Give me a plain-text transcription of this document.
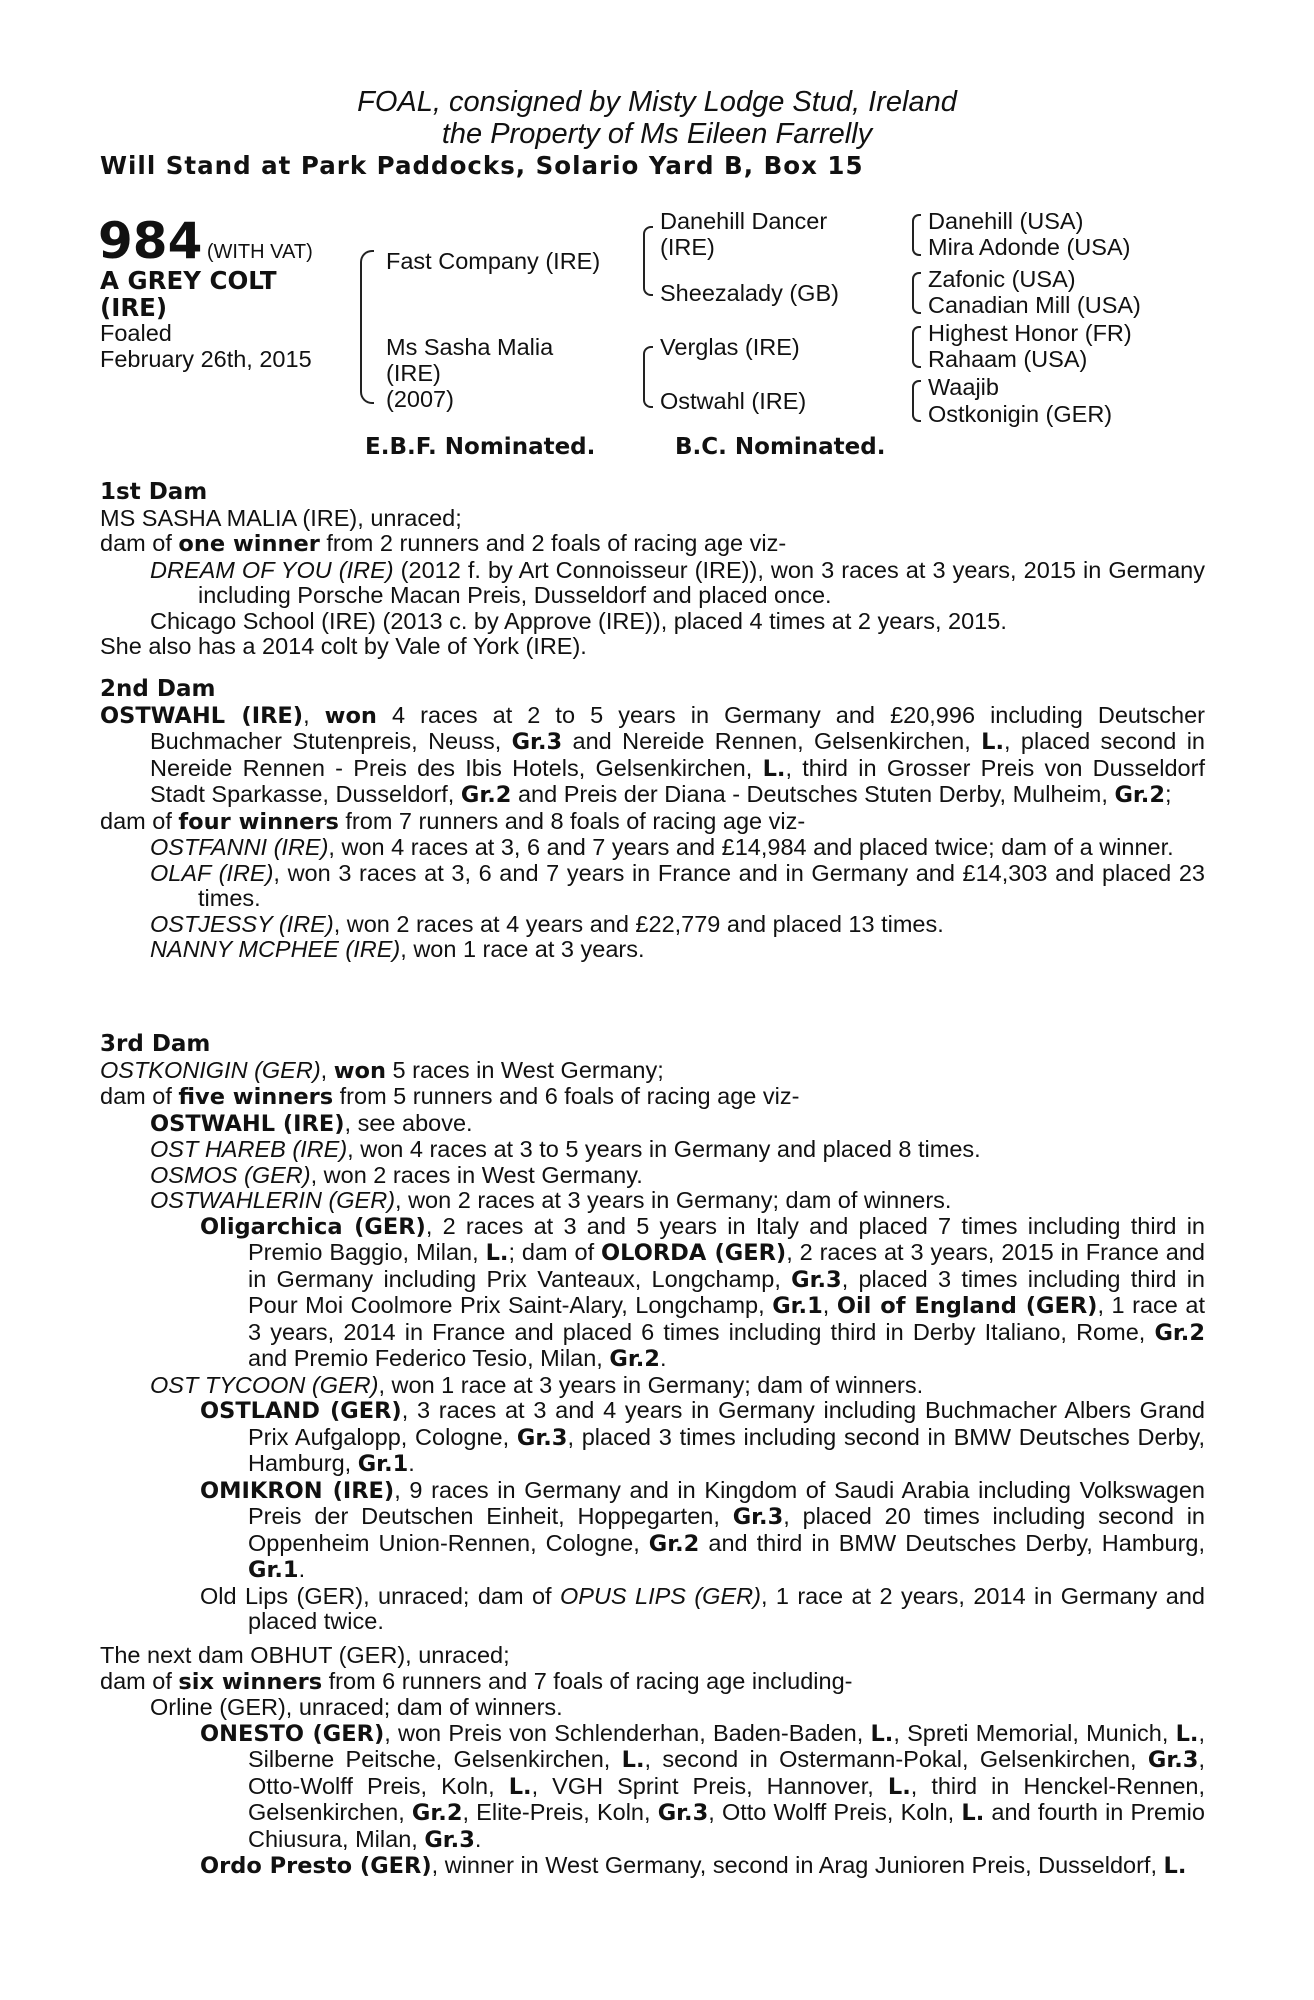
FOAL, consigned by Misty Lodge Stud, Ireland
the Property of Ms Eileen Farrelly
Will Stand at Park Paddocks, Solario Yard B, Box 15
984 (WITH VAT)
A GREY COLT
(IRE)
Foaled
February 26th, 2015
Fast Company (IRE)
Ms Sasha Malia
(IRE)
(2007)
Danehill Dancer
(IRE)
Sheezalady (GB)
Verglas (IRE)
Ostwahl (IRE)
Danehill (USA)
Mira Adonde (USA)
Zafonic (USA)
Canadian Mill (USA)
Highest Honor (FR)
Rahaam (USA)
Waajib
Ostkonigin (GER)
E.B.F. Nominated.	B.C. Nominated.
1st Dam
MS SASHA MALIA (IRE), unraced;
dam of one winner from 2 runners and 2 foals of racing age viz-
DREAM OF YOU (IRE) (2012 f. by Art Connoisseur (IRE)), won 3 races at 3 years, 2015 in Germany including Porsche Macan Preis, Dusseldorf and placed once.
Chicago School (IRE) (2013 c. by Approve (IRE)), placed 4 times at 2 years, 2015.
She also has a 2014 colt by Vale of York (IRE).
2nd Dam
OSTWAHL (IRE), won 4 races at 2 to 5 years in Germany and £20,996 including Deutscher Buchmacher Stutenpreis, Neuss, Gr.3 and Nereide Rennen, Gelsenkirchen, L., placed second in Nereide Rennen - Preis des Ibis Hotels, Gelsenkirchen, L., third in Grosser Preis von Dusseldorf Stadt Sparkasse, Dusseldorf, Gr.2 and Preis der Diana - Deutsches Stuten Derby, Mulheim, Gr.2;
dam of four winners from 7 runners and 8 foals of racing age viz-
OSTFANNI (IRE), won 4 races at 3, 6 and 7 years and £14,984 and placed twice; dam of a winner.
OLAF (IRE), won 3 races at 3, 6 and 7 years in France and in Germany and £14,303 and placed 23 times.
OSTJESSY (IRE), won 2 races at 4 years and £22,779 and placed 13 times.
NANNY MCPHEE (IRE), won 1 race at 3 years.
3rd Dam
OSTKONIGIN (GER), won 5 races in West Germany;
dam of five winners from 5 runners and 6 foals of racing age viz-
OSTWAHL (IRE), see above.
OST HAREB (IRE), won 4 races at 3 to 5 years in Germany and placed 8 times.
OSMOS (GER), won 2 races in West Germany.
OSTWAHLERIN (GER), won 2 races at 3 years in Germany; dam of winners.
Oligarchica (GER), 2 races at 3 and 5 years in Italy and placed 7 times including third in Premio Baggio, Milan, L.; dam of OLORDA (GER), 2 races at 3 years, 2015 in France and in Germany including Prix Vanteaux, Longchamp, Gr.3, placed 3 times including third in Pour Moi Coolmore Prix Saint-Alary, Longchamp, Gr.1, Oil of England (GER), 1 race at 3 years, 2014 in France and placed 6 times including third in Derby Italiano, Rome, Gr.2 and Premio Federico Tesio, Milan, Gr.2.
OST TYCOON (GER), won 1 race at 3 years in Germany; dam of winners.
OSTLAND (GER), 3 races at 3 and 4 years in Germany including Buchmacher Albers Grand Prix Aufgalopp, Cologne, Gr.3, placed 3 times including second in BMW Deutsches Derby, Hamburg, Gr.1.
OMIKRON (IRE), 9 races in Germany and in Kingdom of Saudi Arabia including Volkswagen Preis der Deutschen Einheit, Hoppegarten, Gr.3, placed 20 times including second in Oppenheim Union-Rennen, Cologne, Gr.2 and third in BMW Deutsches Derby, Hamburg, Gr.1.
Old Lips (GER), unraced; dam of OPUS LIPS (GER), 1 race at 2 years, 2014 in Germany and placed twice.
The next dam OBHUT (GER), unraced;
dam of six winners from 6 runners and 7 foals of racing age including-
Orline (GER), unraced; dam of winners.
ONESTO (GER), won Preis von Schlenderhan, Baden-Baden, L., Spreti Memorial, Munich, L., Silberne Peitsche, Gelsenkirchen, L., second in Ostermann-Pokal, Gelsenkirchen, Gr.3, Otto-Wolff Preis, Koln, L., VGH Sprint Preis, Hannover, L., third in Henckel-Rennen, Gelsenkirchen, Gr.2, Elite-Preis, Koln, Gr.3, Otto Wolff Preis, Koln, L. and fourth in Premio Chiusura, Milan, Gr.3.
Ordo Presto (GER), winner in West Germany, second in Arag Junioren Preis, Dusseldorf, L.
